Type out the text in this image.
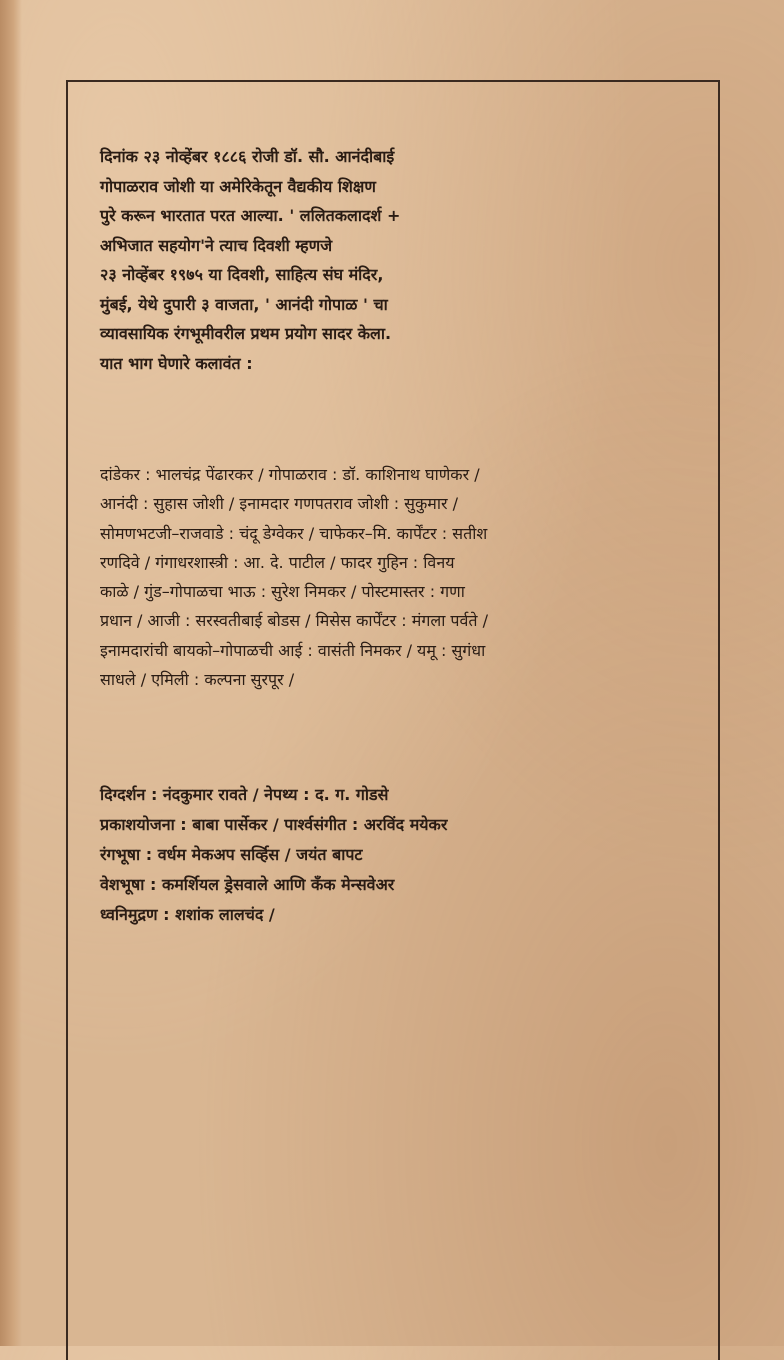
दिनांक २३ नोव्हेंबर १८८६ रोजी डॉ. सौ. आनंदीबाई
गोपाळराव जोशी या अमेरिकेतून वैद्यकीय शिक्षण
पुरे करून भारतात परत आल्या. ' ललितकलादर्श +
अभिजात सहयोग'ने त्याच दिवशी म्हणजे
२३ नोव्हेंबर १९७५ या दिवशी, साहित्य संघ मंदिर,
मुंबई, येथे दुपारी ३ वाजता, ' आनंदी गोपाळ ' चा
व्यावसायिक रंगभूमीवरील प्रथम प्रयोग सादर केला.
यात भाग घेणारे कलावंत :
दांडेकर : भालचंद्र पेंढारकर / गोपाळराव : डॉ. काशिनाथ घाणेकर /
आनंदी : सुहास जोशी / इनामदार गणपतराव जोशी : सुकुमार /
सोमणभटजी–राजवाडे : चंदू डेग्वेकर / चाफेकर–मि. कार्पेंटर : सतीश
रणदिवे / गंगाधरशास्त्री : आ. दे. पाटील / फादर गुहिन : विनय
काळे / गुंड–गोपाळचा भाऊ : सुरेश निमकर / पोस्टमास्तर : गणा
प्रधान / आजी : सरस्वतीबाई बोडस / मिसेस कार्पेंटर : मंगला पर्वते /
इनामदारांची बायको–गोपाळची आई : वासंती निमकर / यमू : सुगंधा
साधले / एमिली : कल्पना सुरपूर /
दिग्दर्शन : नंदकुमार रावते / नेपथ्य : द. ग. गोडसे
प्रकाशयोजना : बाबा पार्सेकर / पार्श्वसंगीत : अरविंद मयेकर
रंगभूषा : वर्धम मेकअप सर्व्हिस / जयंत बापट
वेशभूषा : कमर्शियल ड्रेसवाले आणि कॅंक मेन्सवेअर
ध्वनिमुद्रण : शशांक लालचंद /
